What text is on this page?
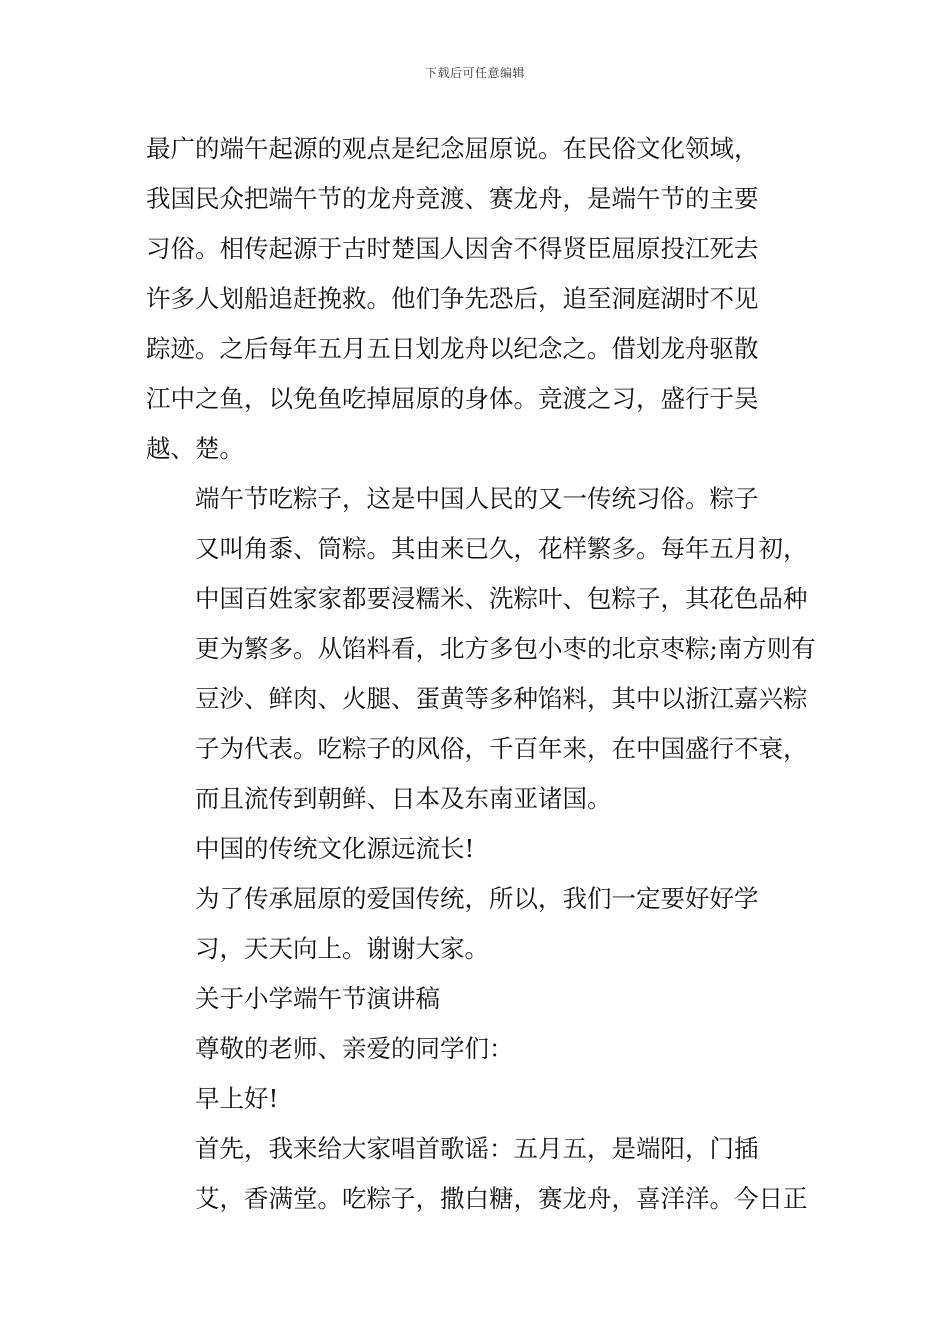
下载后可任意编辑

最广的端午起源的观点是纪念屈原说。在民俗文化领域，
我国民众把端午节的龙舟竞渡、赛龙舟，是端午节的主要
习俗。相传起源于古时楚国人因舍不得贤臣屈原投江死去
许多人划船追赶挽救。他们争先恐后，追至洞庭湖时不见
踪迹。之后每年五月五日划龙舟以纪念之。借划龙舟驱散
江中之鱼，以免鱼吃掉屈原的身体。竞渡之习，盛行于吴
越、楚。

端午节吃粽子，这是中国人民的又一传统习俗。粽子
又叫角黍、筒粽。其由来已久，花样繁多。每年五月初，
中国百姓家家都要浸糯米、洗粽叶、包粽子，其花色品种
更为繁多。从馅料看，北方多包小枣的北京枣粽;南方则有
豆沙、鲜肉、火腿、蛋黄等多种馅料，其中以浙江嘉兴粽
子为代表。吃粽子的风俗，千百年来，在中国盛行不衰，
而且流传到朝鲜、日本及东南亚诸国。

中国的传统文化源远流长!

为了传承屈原的爱国传统，所以，我们一定要好好学
习，天天向上。谢谢大家。

关于小学端午节演讲稿

尊敬的老师、亲爱的同学们：

早上好!

首先，我来给大家唱首歌谣：五月五，是端阳，门插
艾，香满堂。吃粽子，撒白糖，赛龙舟，喜洋洋。今日正
